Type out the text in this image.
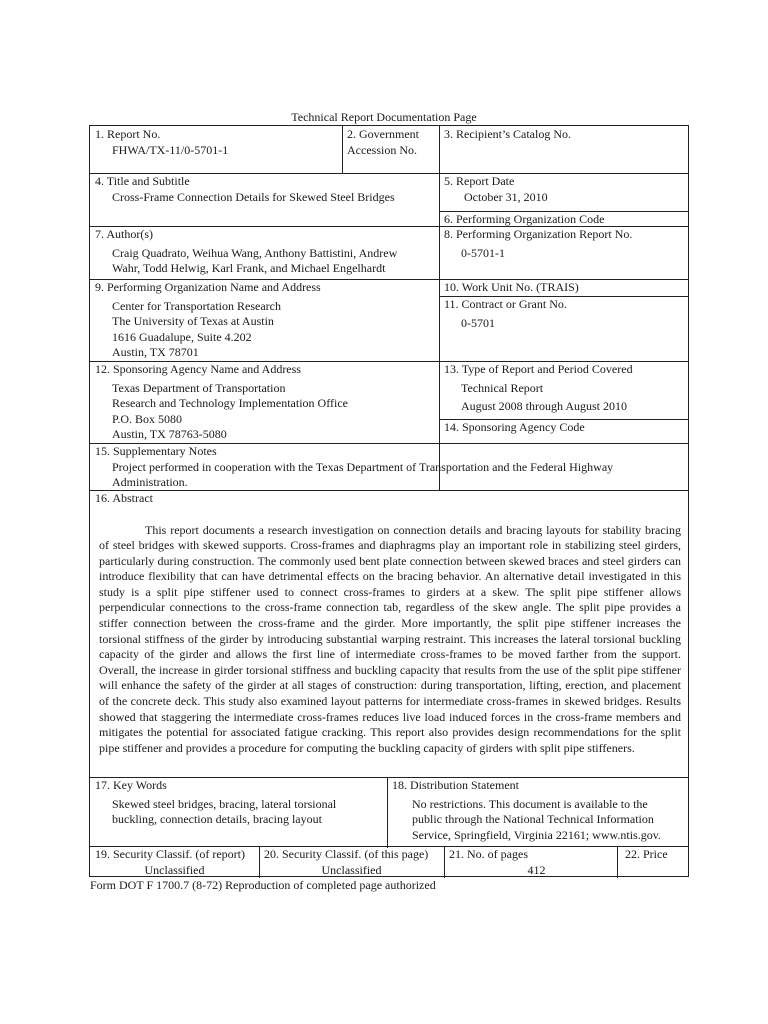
Technical Report Documentation Page
1. Report No.
FHWA/TX-11/0-5701-1
2. Government
Accession No.
3. Recipient’s Catalog No.
4. Title and Subtitle
Cross-Frame Connection Details for Skewed Steel Bridges
5. Report Date
October 31, 2010
6. Performing Organization Code
7. Author(s)
Craig Quadrato, Weihua Wang, Anthony Battistini, Andrew
Wahr, Todd Helwig, Karl Frank, and Michael Engelhardt
8. Performing Organization Report No.
0-5701-1
9. Performing Organization Name and Address
Center for Transportation Research
The University of Texas at Austin
1616 Guadalupe, Suite 4.202
Austin, TX 78701
10. Work Unit No. (TRAIS)
11. Contract or Grant No.
0-5701
12. Sponsoring Agency Name and Address
Texas Department of Transportation
Research and Technology Implementation Office
P.O. Box 5080
Austin, TX 78763-5080
13. Type of Report and Period Covered
Technical Report
August 2008 through August 2010
14. Sponsoring Agency Code
15. Supplementary Notes
Project performed in cooperation with the Texas Department of Transportation and the Federal Highway
Administration.
16. Abstract
This report documents a research investigation on connection details and bracing layouts for stability bracing of steel bridges with skewed supports. Cross-frames and diaphragms play an important role in stabilizing steel girders, particularly during construction. The commonly used bent plate connection between skewed braces and steel girders can introduce flexibility that can have detrimental effects on the bracing behavior. An alternative detail investigated in this study is a split pipe stiffener used to connect cross-frames to girders at a skew. The split pipe stiffener allows perpendicular connections to the cross-frame connection tab, regardless of the skew angle. The split pipe provides a stiffer connection between the cross-frame and the girder. More importantly, the split pipe stiffener increases the torsional stiffness of the girder by introducing substantial warping restraint. This increases the lateral torsional buckling capacity of the girder and allows the first line of intermediate cross-frames to be moved farther from the support. Overall, the increase in girder torsional stiffness and buckling capacity that results from the use of the split pipe stiffener will enhance the safety of the girder at all stages of construction: during transportation, lifting, erection, and placement of the concrete deck. This study also examined layout patterns for intermediate cross-frames in skewed bridges. Results showed that staggering the intermediate cross-frames reduces live load induced forces in the cross-frame members and mitigates the potential for associated fatigue cracking. This report also provides design recommendations for the split pipe stiffener and provides a procedure for computing the buckling capacity of girders with split pipe stiffeners.
17. Key Words
Skewed steel bridges, bracing, lateral torsional
buckling, connection details, bracing layout
18. Distribution Statement
No restrictions. This document is available to the
public through the National Technical Information
Service, Springfield, Virginia 22161; www.ntis.gov.
19. Security Classif. (of report)
Unclassified
20. Security Classif. (of this page)
Unclassified
21. No. of pages
412
22. Price
Form DOT F 1700.7 (8-72) Reproduction of completed page authorized
